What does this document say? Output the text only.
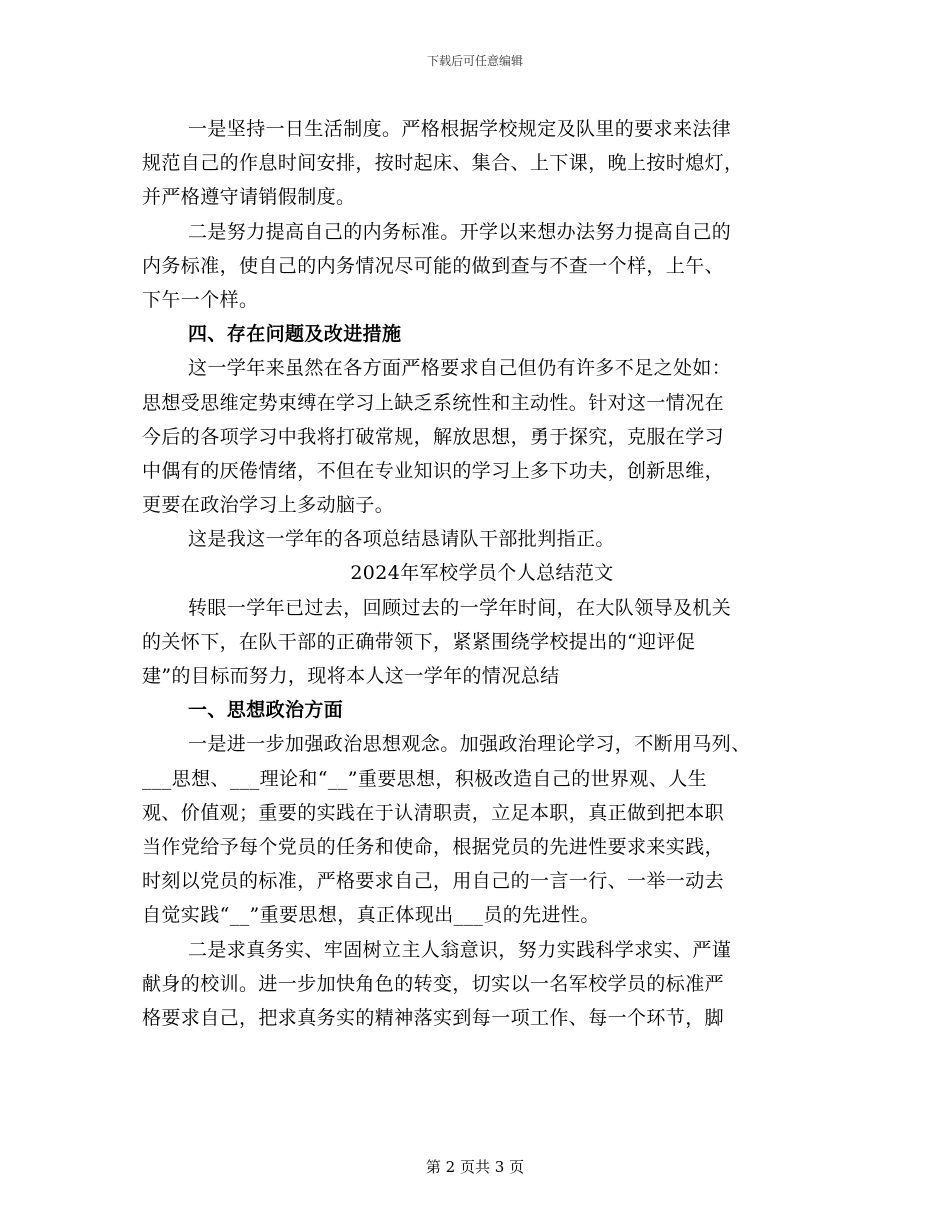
下载后可任意编辑
一是坚持一日生活制度。严格根据学校规定及队里的要求来法律
规范自己的作息时间安排，按时起床、集合、上下课，晚上按时熄灯，
并严格遵守请销假制度。
二是努力提高自己的内务标准。开学以来想办法努力提高自己的
内务标准，使自己的内务情况尽可能的做到查与不查一个样，上午、
下午一个样。
四、存在问题及改进措施
这一学年来虽然在各方面严格要求自己但仍有许多不足之处如：
思想受思维定势束缚在学习上缺乏系统性和主动性。针对这一情况在
今后的各项学习中我将打破常规，解放思想，勇于探究，克服在学习
中偶有的厌倦情绪，不但在专业知识的学习上多下功夫，创新思维，
更要在政治学习上多动脑子。
这是我这一学年的各项总结恳请队干部批判指正。
2024年军校学员个人总结范文
转眼一学年已过去，回顾过去的一学年时间，在大队领导及机关
的关怀下，在队干部的正确带领下，紧紧围绕学校提出的“迎评促
建”的目标而努力，现将本人这一学年的情况总结
一、思想政治方面
一是进一步加强政治思想观念。加强政治理论学习，不断用马列、
___思想、___理论和“__”重要思想，积极改造自己的世界观、人生
观、价值观；重要的实践在于认清职责，立足本职，真正做到把本职
当作党给予每个党员的任务和使命，根据党员的先进性要求来实践，
时刻以党员的标准，严格要求自己，用自己的一言一行、一举一动去
自觉实践“__”重要思想，真正体现出___员的先进性。
二是求真务实、牢固树立主人翁意识，努力实践科学求实、严谨
献身的校训。进一步加快角色的转变，切实以一名军校学员的标准严
格要求自己，把求真务实的精神落实到每一项工作、每一个环节，脚
第 2 页共 3 页
